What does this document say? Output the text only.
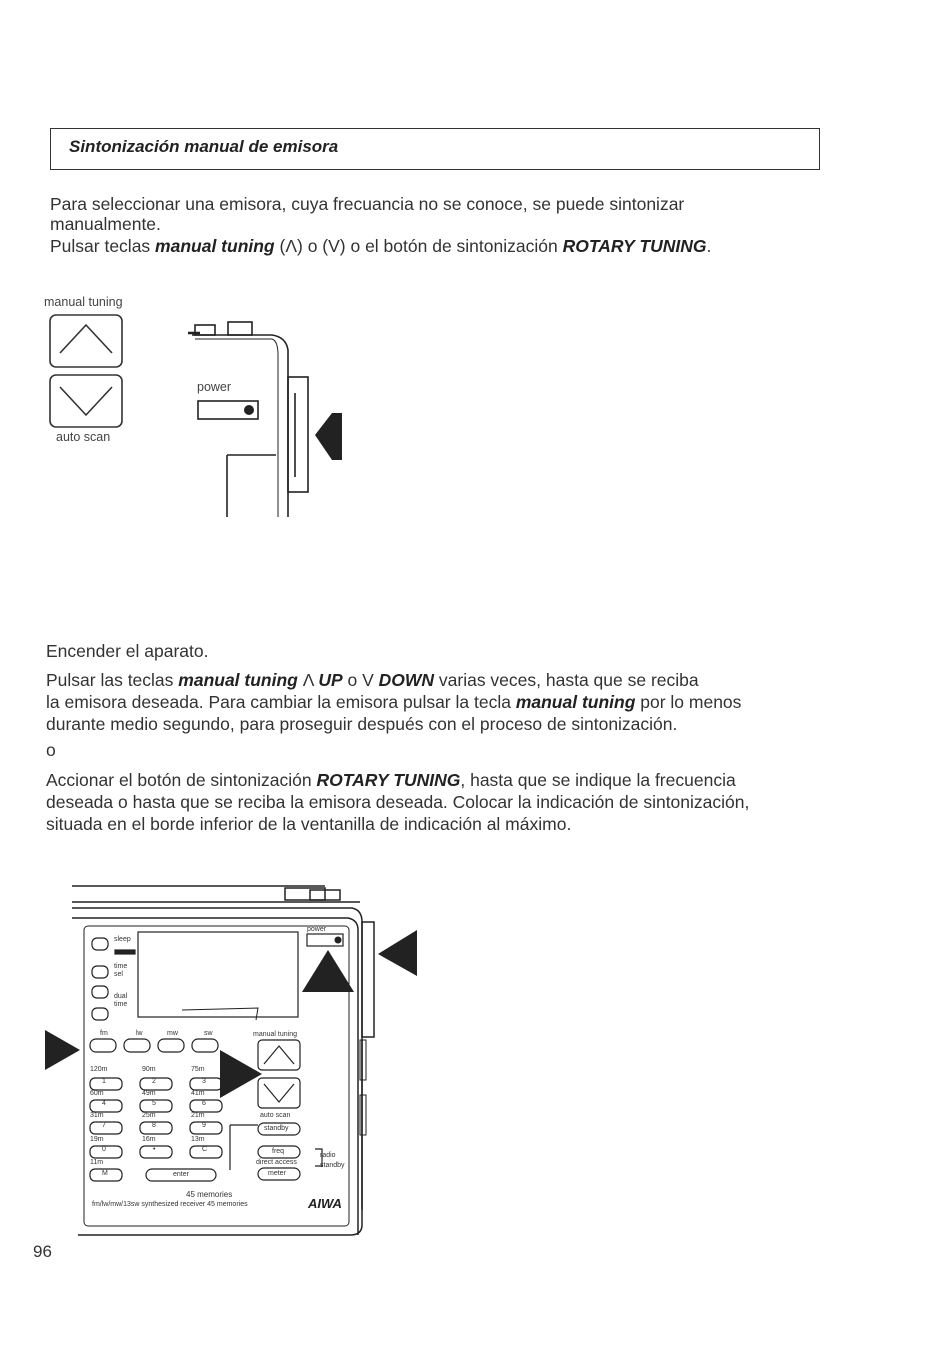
Sintonización manual de emisora
Para seleccionar una emisora, cuya frecuancia no se conoce, se puede sintonizar
manualmente.
Pulsar teclas manual tuning (Λ) o (V) o el botón de sintonización ROTARY TUNING.
manual tuning
auto scan
power
Encender el aparato.
Pulsar las teclas manual tuning Λ UP o V DOWN varias veces, hasta que se reciba
la emisora deseada. Para cambiar la emisora pulsar la tecla manual tuning por lo menos
durante medio segundo, para proseguir después con el proceso de sintonización.
o
Accionar el botón de sintonización ROTARY TUNING, hasta que se indique la frecuencia
deseada o hasta que se reciba la emisora deseada. Colocar la indicación de sintonización,
situada en el borde inferior de la ventanilla de indicación al máximo.
power
sleep
time sel
dual time
fm	lw	mw	sw	manual tuning
auto scan
standby
freq
direct access
meter
radio
standby
enter
120m
1
90m
2
75m
3
60m
4
49m
5
41m
6
31m
7
25m
8
21m
9
19m
0
16m
•
13m
C
11m
M
45 memories
fm/lw/mw/13sw synthesized receiver 45 memories	AIWA
96
